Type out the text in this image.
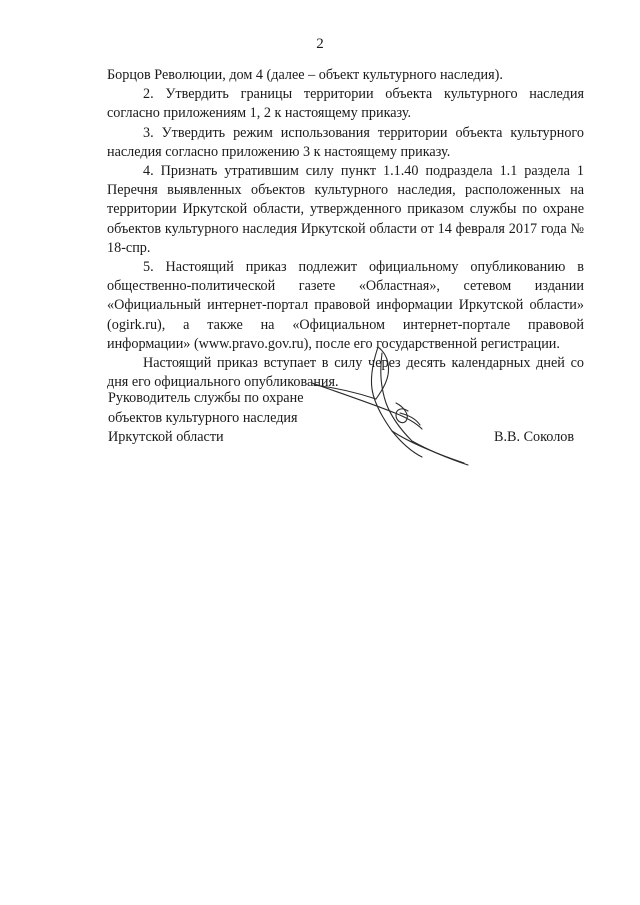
2

Борцов Революции, дом 4 (далее – объект культурного наследия).

2. Утвердить границы территории объекта культурного наследия согласно приложениям 1, 2 к настоящему приказу.

3. Утвердить режим использования территории объекта культурного наследия согласно приложению 3 к настоящему приказу.

4. Признать утратившим силу пункт 1.1.40 подраздела 1.1 раздела 1 Перечня выявленных объектов культурного наследия, расположенных на территории Иркутской области, утвержденного приказом службы по охране объектов культурного наследия Иркутской области от 14 февраля 2017 года № 18-спр.

5. Настоящий приказ подлежит официальному опубликованию в общественно-политической газете «Областная», сетевом издании «Официальный интернет-портал правовой информации Иркутской области» (ogirk.ru), а также на «Официальном интернет-портале правовой информации» (www.pravo.gov.ru), после его государственной регистрации.

Настоящий приказ вступает в силу через десять календарных дней со дня его официального опубликования.

Руководитель службы по охране
объектов культурного наследия
Иркутской области	В.В. Соколов
